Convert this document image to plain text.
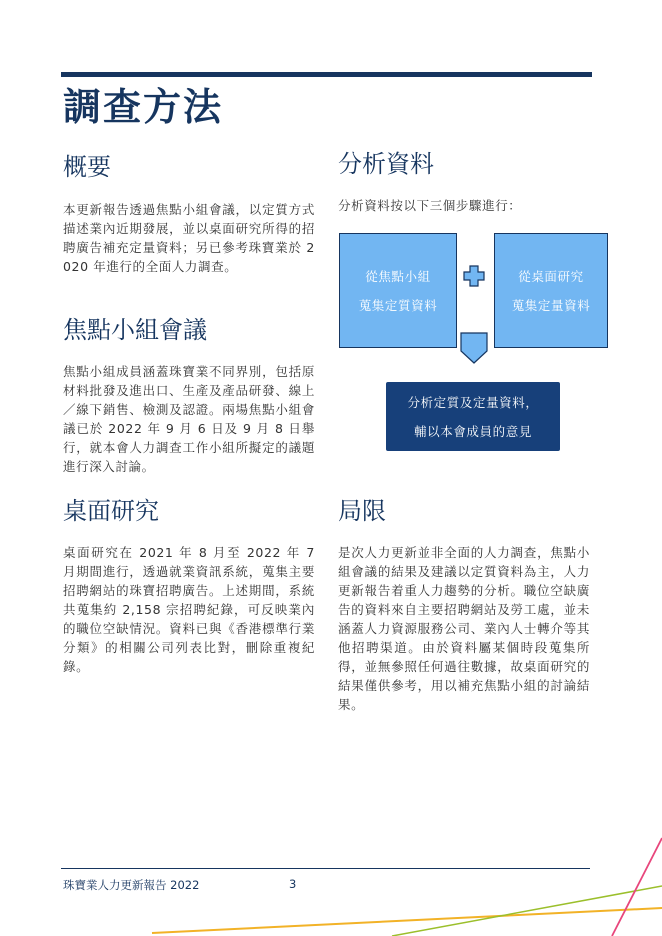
調查方法
概要

本更新報告透過焦點小組會議，以定質方式描述業內近期發展，並以桌面研究所得的招聘廣告補充定量資料；另已參考珠寶業於 2020 年進行的全面人力調查。

焦點小組會議

焦點小組成員涵蓋珠寶業不同界別，包括原材料批發及進出口、生產及產品研發、線上／線下銷售、檢測及認證。兩場焦點小組會議已於 2022 年 9 月 6 日及 9 月 8 日舉行，就本會人力調查工作小組所擬定的議題進行深入討論。

桌面研究

桌面研究在 2021 年 8 月至 2022 年 7 月期間進行，透過就業資訊系統，蒐集主要招聘網站的珠寶招聘廣告。上述期間，系統共蒐集約 2,158 宗招聘紀錄，可反映業內的職位空缺情況。資料已與《香港標準行業分類》的相關公司列表比對，刪除重複紀錄。

分析資料

分析資料按以下三個步驟進行：

從焦點小組
蒐集定質資料
從桌面研究
蒐集定量資料
分析定質及定量資料，
輔以本會成員的意見
局限

是次人力更新並非全面的人力調查，焦點小組會議的結果及建議以定質資料為主，人力更新報告着重人力趨勢的分析。職位空缺廣告的資料來自主要招聘網站及勞工處，並未涵蓋人力資源服務公司、業內人士轉介等其他招聘渠道。由於資料屬某個時段蒐集所得，並無參照任何過往數據，故桌面研究的結果僅供參考，用以補充焦點小組的討論結果。

珠寶業人力更新報告 2022	3
